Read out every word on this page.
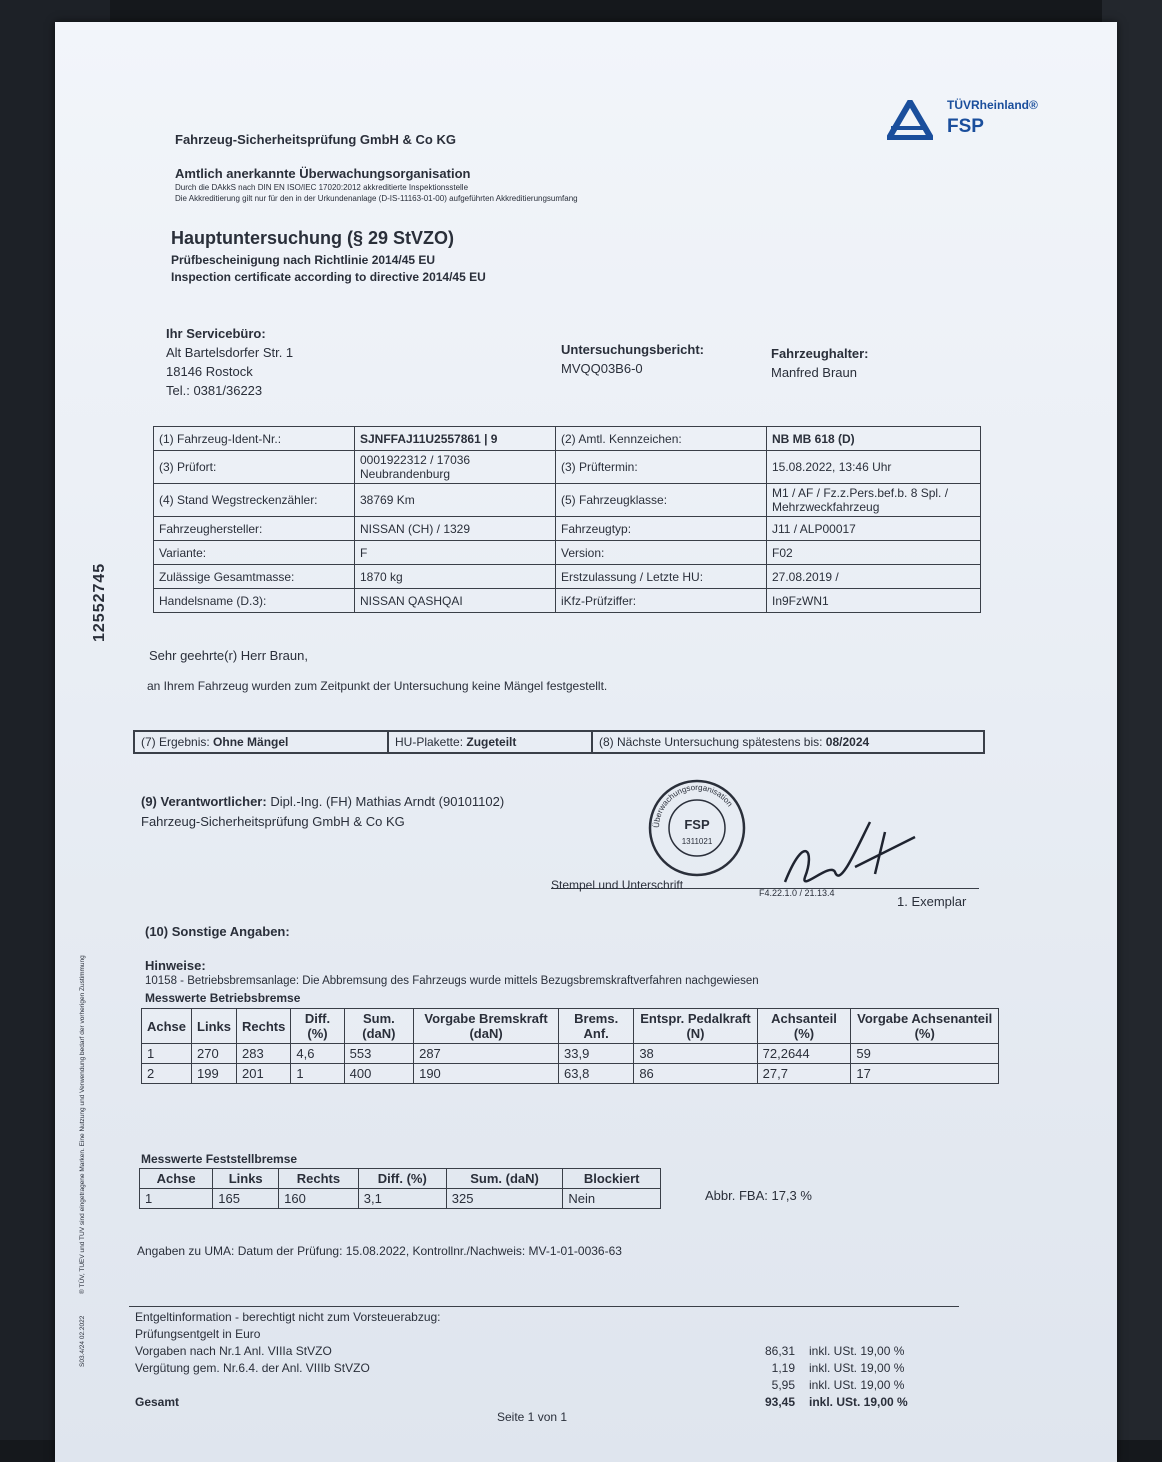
TÜVRheinland®
FSP
Fahrzeug-Sicherheitsprüfung GmbH & Co KG
Amtlich anerkannte Überwachungsorganisation
Durch die DAkkS nach DIN EN ISO/IEC 17020:2012 akkreditierte Inspektionsstelle
Die Akkreditierung gilt nur für den in der Urkundenanlage (D-IS-11163-01-00) aufgeführten Akkreditierungsumfang
Hauptuntersuchung (§ 29 StVZO)
Prüfbescheinigung nach Richtlinie 2014/45 EU
Inspection certificate according to directive 2014/45 EU
Ihr Servicebüro:
Alt Bartelsdorfer Str. 1
18146 Rostock
Tel.: 0381/36223
Untersuchungsbericht:
MVQQ03B6-0
Fahrzeughalter:
Manfred Braun
(1) Fahrzeug-Ident-Nr.:	SJNFFAJ11U2557861 | 9	(2) Amtl. Kennzeichen:	NB MB 618 (D)
(3) Prüfort:	0001922312 / 17036 Neubrandenburg	(3) Prüftermin:	15.08.2022, 13:46 Uhr
(4) Stand Wegstreckenzähler:	38769 Km	(5) Fahrzeugklasse:	M1 / AF / Fz.z.Pers.bef.b. 8 Spl. / Mehrzweckfahrzeug
Fahrzeughersteller:	NISSAN (CH) / 1329	Fahrzeugtyp:	J11 / ALP00017
Variante:	F	Version:	F02
Zulässige Gesamtmasse:	1870 kg	Erstzulassung / Letzte HU:	27.08.2019 /
Handelsname (D.3):	NISSAN QASHQAI	iKfz-Prüfziffer:	In9FzWN1
Sehr geehrte(r) Herr Braun,
an Ihrem Fahrzeug wurden zum Zeitpunkt der Untersuchung keine Mängel festgestellt.
(7) Ergebnis: Ohne Mängel	HU-Plakette: Zugeteilt	(8) Nächste Untersuchung spätestens bis: 08/2024
(9) Verantwortlicher: Dipl.-Ing. (FH) Mathias Arndt (90101102)
Fahrzeug-Sicherheitsprüfung GmbH & Co KG	Überwachungsorganisation
FSP
1311021
Stempel und Unterschrift
F4.22.1.0 / 21.13.4
1. Exemplar
(10) Sonstige Angaben:
Hinweise:
10158 - Betriebsbremsanlage: Die Abbremsung des Fahrzeugs wurde mittels Bezugsbremskraftverfahren nachgewiesen
Messwerte Betriebsbremse
Achse	Links	Rechts	Diff. (%)	Sum. (daN)	Vorgabe Bremskraft (daN)	Brems. Anf.	Entspr. Pedalkraft (N)	Achsanteil (%)	Vorgabe Achsenanteil (%)
1	270	283	4,6	553	287	33,9	38	72,2644	59
2	199	201	1	400	190	63,8	86	27,7	17
Messwerte Feststellbremse
Achse	Links	Rechts	Diff. (%)	Sum. (daN)	Blockiert
1	165	160	3,1	325	Nein	Abbr. FBA: 17,3 %
Angaben zu UMA: Datum der Prüfung: 15.08.2022, Kontrollnr./Nachweis: MV-1-01-0036-63
Entgeltinformation - berechtigt nicht zum Vorsteuerabzug:
Prüfungsentgelt in Euro
Vorgaben nach Nr.1 Anl. VIIIa StVZO	86,31 inkl. USt. 19,00 %
Vergütung gem. Nr.6.4. der Anl. VIIIb StVZO	1,19 inkl. USt. 19,00 %
5,95 inkl. USt. 19,00 %
Gesamt	93,45 inkl. USt. 19,00 %
Seite 1 von 1
12552745
® TÜV, TUEV und TUV sind eingetragene Marken. Eine Nutzung und Verwendung bedarf der vorherigen Zustimmung
S03.4/24 02.2022
